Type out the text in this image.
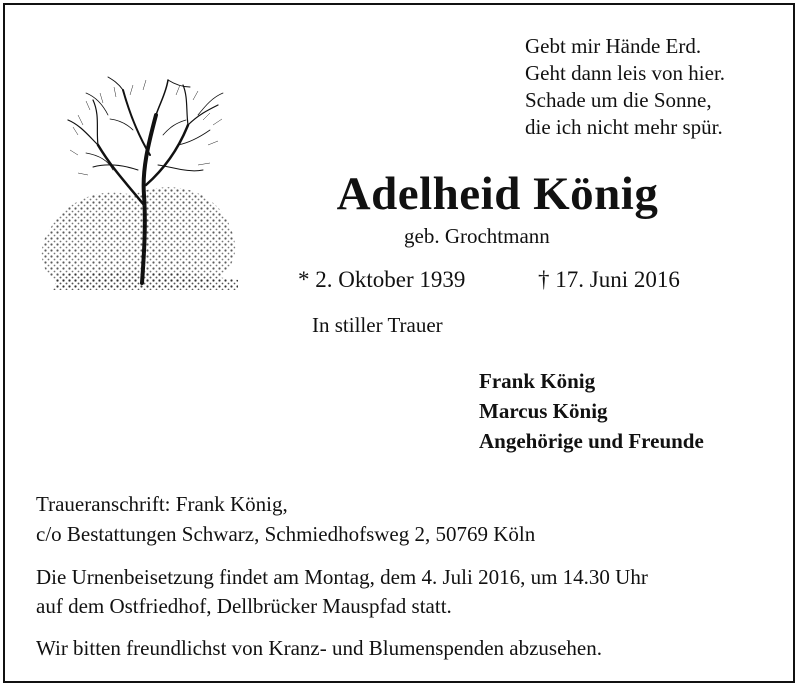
Gebt mir Hände Erd.
Geht dann leis von hier.
Schade um die Sonne,
die ich nicht mehr spür.
Adelheid König
geb. Grochtmann
* 2. Oktober 1939	† 17. Juni 2016
In stiller Trauer
Frank König
Marcus König
Angehörige und Freunde
Traueranschrift: Frank König,
c/o Bestattungen Schwarz, Schmiedhofsweg 2, 50769 Köln
Die Urnenbeisetzung findet am Montag, dem 4. Juli 2016, um 14.30 Uhr
auf dem Ostfriedhof, Dellbrücker Mauspfad statt.
Wir bitten freundlichst von Kranz- und Blumenspenden abzusehen.
